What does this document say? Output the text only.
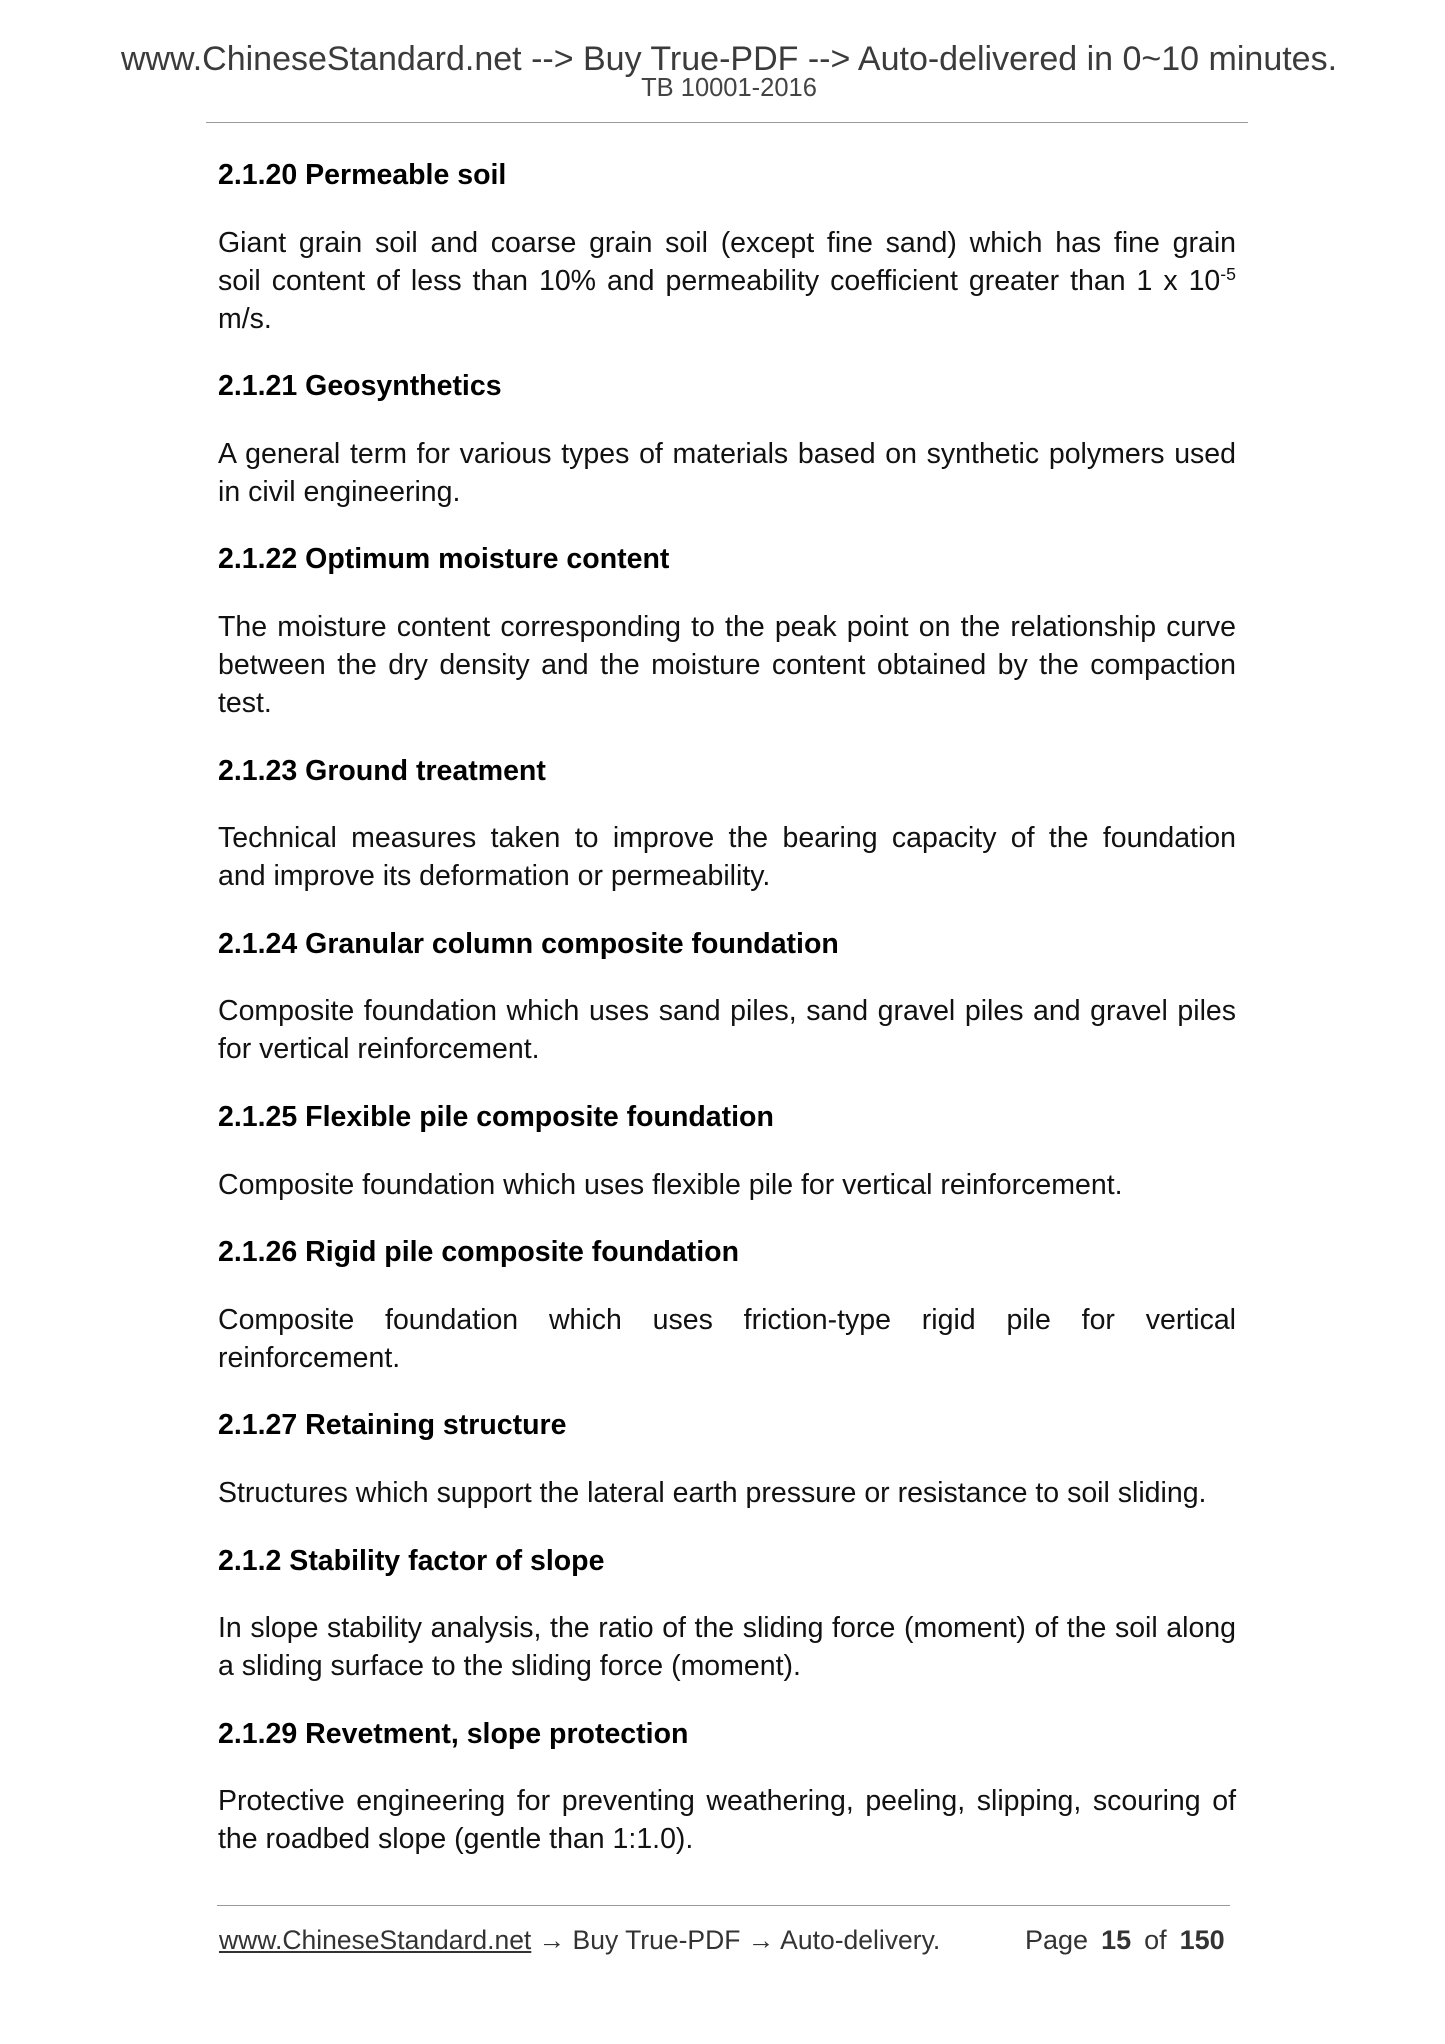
www.ChineseStandard.net --> Buy True-PDF --> Auto-delivered in 0~10 minutes.
TB 10001-2016
2.1.20 Permeable soil
Giant grain soil and coarse grain soil (except fine sand) which has fine grain
soil content of less than 10% and permeability coefficient greater than 1 x $10^{-5}$
m/s.
2.1.21 Geosynthetics
A general term for various types of materials based on synthetic polymers used
in civil engineering.
2.1.22 Optimum moisture content
The moisture content corresponding to the peak point on the relationship curve
between the dry density and the moisture content obtained by the compaction
test.
2.1.23 Ground treatment
Technical measures taken to improve the bearing capacity of the foundation
and improve its deformation or permeability.
2.1.24 Granular column composite foundation
Composite foundation which uses sand piles, sand gravel piles and gravel piles
for vertical reinforcement.
2.1.25 Flexible pile composite foundation
Composite foundation which uses flexible pile for vertical reinforcement.
2.1.26 Rigid pile composite foundation
Composite foundation which uses friction-type rigid pile for vertical
reinforcement.
2.1.27 Retaining structure
Structures which support the lateral earth pressure or resistance to soil sliding.
2.1.2 Stability factor of slope
In slope stability analysis, the ratio of the sliding force (moment) of the soil along
a sliding surface to the sliding force (moment).
2.1.29 Revetment, slope protection
Protective engineering for preventing weathering, peeling, slipping, scouring of
the roadbed slope (gentle than 1:1.0).
www.ChineseStandard.net → Buy True-PDF → Auto-delivery.	Page 15 of 150
